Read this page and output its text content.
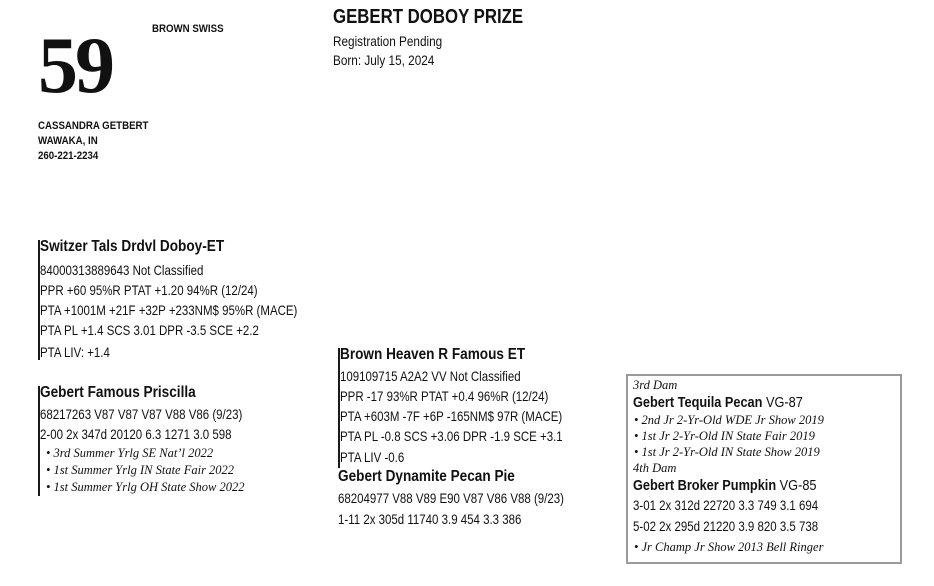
59	BROWN SWISS
CASSANDRA GETBERT
WAWAKA, IN
260-221-2234
GEBERT DOBOY PRIZE
Registration Pending
Born: July 15, 2024
Switzer Tals Drdvl Doboy-ET
84000313889643 Not Classified
PPR +60 95%R PTAT +1.20 94%R (12/24)
PTA +1001M +21F +32P +233NM$ 95%R (MACE)
PTA PL +1.4 SCS 3.01 DPR -3.5 SCE +2.2
PTA LIV: +1.4
Gebert Famous Priscilla
68217263 V87 V87 V87 V88 V86 (9/23)
2-00 2x 347d 20120 6.3 1271 3.0 598
• 3rd Summer Yrlg SE Nat’l 2022
• 1st Summer Yrlg IN State Fair 2022
• 1st Summer Yrlg OH State Show 2022
Brown Heaven R Famous ET
109109715 A2A2 VV Not Classified
PPR -17 93%R PTAT +0.4 96%R (12/24)
PTA +603M -7F +6P -165NM$ 97R (MACE)
PTA PL -0.8 SCS +3.06 DPR -1.9 SCE +3.1
PTA LIV -0.6
Gebert Dynamite Pecan Pie
68204977 V88 V89 E90 V87 V86 V88 (9/23)
1-11 2x 305d 11740 3.9 454 3.3 386
3rd Dam
Gebert Tequila Pecan VG-87
• 2nd Jr 2-Yr-Old WDE Jr Show 2019
• 1st Jr 2-Yr-Old IN State Fair 2019
• 1st Jr 2-Yr-Old IN State Show 2019
4th Dam
Gebert Broker Pumpkin VG-85
3-01 2x 312d 22720 3.3 749 3.1 694
5-02 2x 295d 21220 3.9 820 3.5 738
• Jr Champ Jr Show 2013 Bell Ringer
